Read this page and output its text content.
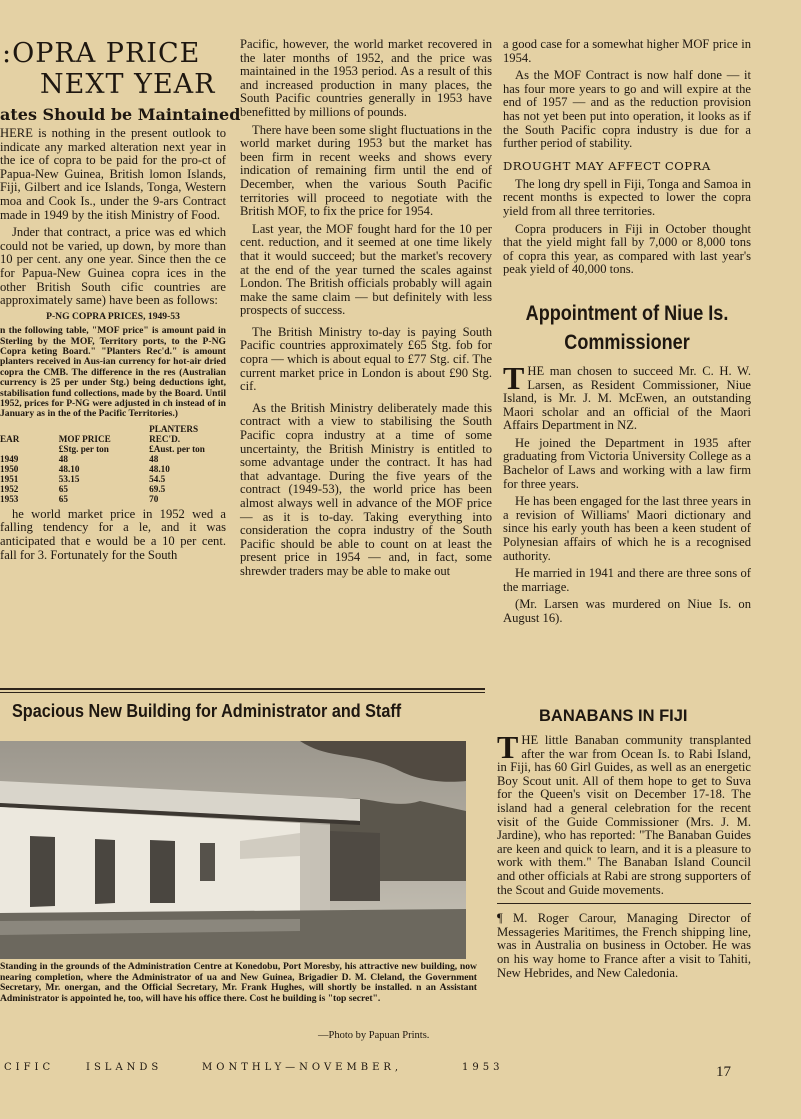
:OPRA PRICE
NEXT YEAR
ates Should be Maintained

HERE is nothing in the present outlook to indicate any marked alteration next year in the ice of copra to be paid for the pro-ct of Papua-New Guinea, British lomon Islands, Fiji, Gilbert and ice Islands, Tonga, Western moa and Cook Is., under the 9-ars Contract made in 1949 by the itish Ministry of Food.

Jnder that contract, a price was ed which could not be varied, up down, by more than 10 per cent. any one year. Since then the ce for Papua-New Guinea copra ices in the other British South cific countries are approximately same) have been as follows:

P-NG COPRA PRICES, 1949-53

n the following table, "MOF price" is amount paid in Sterling by the MOF, Territory ports, to the P-NG Copra keting Board." "Planters Rec'd." is amount planters received in Aus-ian currency for hot-air dried copra the CMB. The difference in the res (Australian currency is 25 per under Stg.) being deductions ight, stabilisation fund collections, made by the Board. Until 1952, prices for P-NG were adjusted in ch instead of in January as in the of the Pacific Territories.)

EAR	MOF PRICE	PLANTERS REC'D.
	£Stg. per ton	£Aust. per ton
1949	48	48
1950	48.10	48.10
1951	53.15	54.5
1952	65	69.5
1953	65	70

he world market price in 1952 wed a falling tendency for a le, and it was anticipated that e would be a 10 per cent. fall for 3. Fortunately for the South

Pacific, however, the world market recovered in the later months of 1952, and the price was maintained in the 1953 period. As a result of this and increased production in many places, the South Pacific countries generally in 1953 have benefitted by millions of pounds.

There have been some slight fluctuations in the world market during 1953 but the market has been firm in recent weeks and shows every indication of remaining firm until the end of December, when the various South Pacific territories will proceed to negotiate with the British MOF, to fix the price for 1954.

Last year, the MOF fought hard for the 10 per cent. reduction, and it seemed at one time likely that it would succeed; but the market's recovery at the end of the year turned the scales against London. The British officials probably will again make the same claim — but definitely with less prospects of success.

The British Ministry to-day is paying South Pacific countries approximately £65 Stg. fob for copra — which is about equal to £77 Stg. cif. The current market price in London is about £90 Stg. cif.

As the British Ministry deliberately made this contract with a view to stabilising the South Pacific copra industry at a time of some uncertainty, the British Ministry is entitled to some advantage under the contract. It has had that advantage. During the five years of the contract (1949-53), the world price has been almost always well in advance of the MOF price — as it is to-day. Taking everything into consideration the copra industry of the South Pacific should be able to count on at least the present price in 1954 — and, in fact, some shrewder traders may be able to make out

a good case for a somewhat higher MOF price in 1954.

As the MOF Contract is now half done — it has four more years to go and will expire at the end of 1957 — and as the reduction provision has not yet been put into operation, it looks as if the South Pacific copra industry is due for a further period of stability.

DROUGHT MAY AFFECT COPRA

The long dry spell in Fiji, Tonga and Samoa in recent months is expected to lower the copra yield from all three territories.

Copra producers in Fiji in October thought that the yield might fall by 7,000 or 8,000 tons of copra this year, as compared with last year's peak yield of 40,000 tons.

Appointment of Niue Is.
Commissioner

THE man chosen to succeed Mr. C. H. W. Larsen, as Resident Commissioner, Niue Island, is Mr. J. M. McEwen, an outstanding Maori scholar and an official of the Maori Affairs Department in NZ.

He joined the Department in 1935 after graduating from Victoria University College as a Bachelor of Laws and working with a law firm for three years.

He has been engaged for the last three years in a revision of Williams' Maori dictionary and since his early youth has been a keen student of Polynesian affairs of which he is a recognised authority.

He married in 1941 and there are three sons of the marriage.

(Mr. Larsen was murdered on Niue Is. on August 16).

Spacious New Building for Administrator and Staff
Standing in the grounds of the Administration Centre at Konedobu, Port Moresby, his attractive new building, now nearing completion, where the Administrator of ua and New Guinea, Brigadier D. M. Cleland, the Government Secretary, Mr. onergan, and the Official Secretary, Mr. Frank Hughes, will shortly be installed. n an Assistant Administrator is appointed he, too, will have his office there. Cost he building is "top secret".
—Photo by Papuan Prints.
BANABANS IN FIJI

THE little Banaban community transplanted after the war from Ocean Is. to Rabi Island, in Fiji, has 60 Girl Guides, as well as an energetic Boy Scout unit. All of them hope to get to Suva for the Queen's visit on December 17-18. The island had a general celebration for the recent visit of the Guide Commissioner (Mrs. J. M. Jardine), who has reported: "The Banaban Guides are keen and quick to learn, and it is a pleasure to work with them." The Banaban Island Council and other officials at Rabi are strong supporters of the Scout and Guide movements.

¶ M. Roger Carour, Managing Director of Messageries Maritimes, the French shipping line, was in Australia on business in October. He was on his way home to France after a visit to Tahiti, New Hebrides, and New Caledonia.

CIFIC	ISLANDS	MONTHLY—NOVEMBER,	1953	17
